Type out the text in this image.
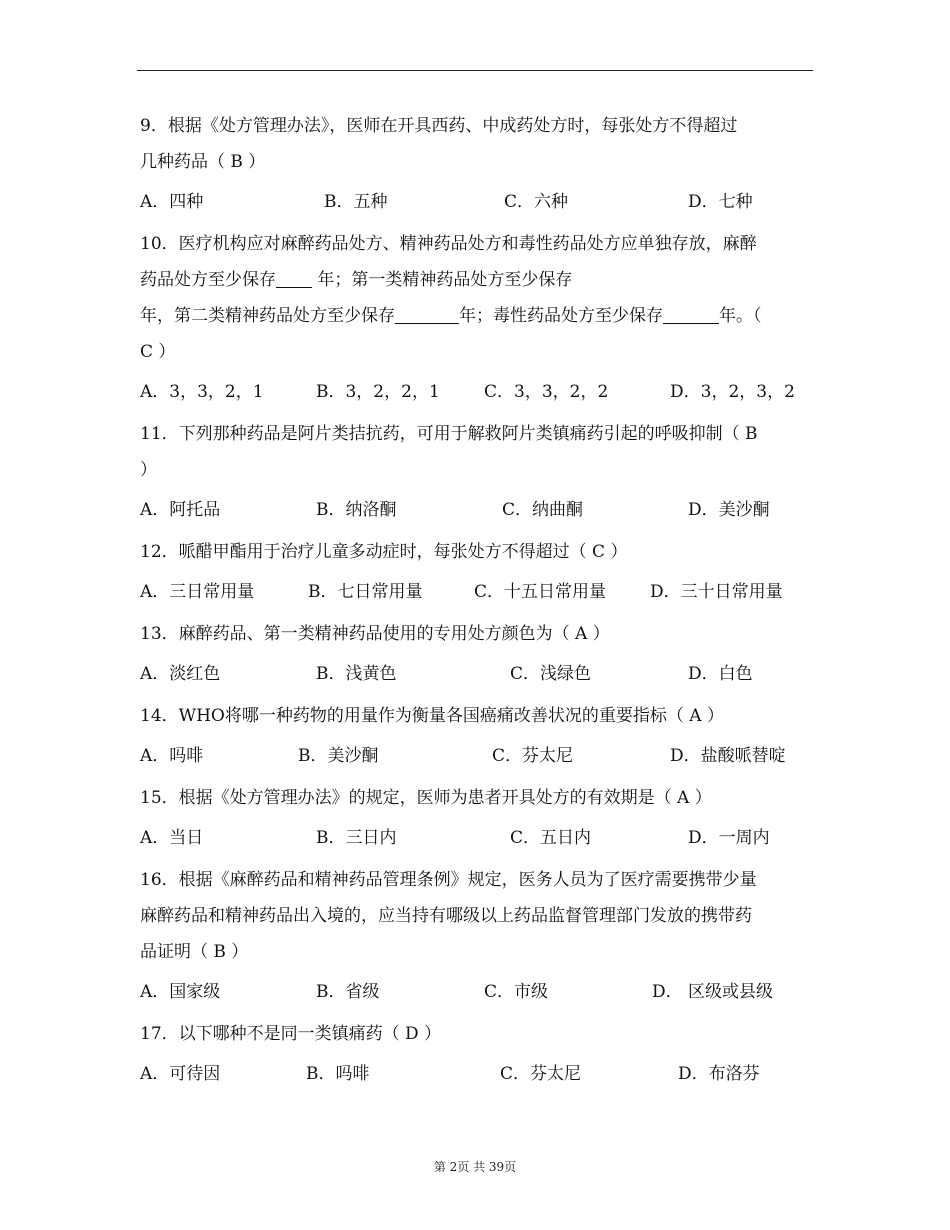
9．根据《处方管理办法》，医师在开具西药、中成药处方时，每张处方不得超过

几种药品（ B ）

A．四种	B．五种	C．六种	D．七种

10．医疗机构应对麻醉药品处方、精神药品处方和毒性药品处方应单独存放，麻醉

药品处方至少保存 年；第一类精神药品处方至少保存

年，第二类精神药品处方至少保存	年；毒性药品处方至少保存	年。（

C ）

A．3，3，2，1	B．3，2，2，1	C．3，3，2，2	D．3，2，3，2

11．下列那种药品是阿片类拮抗药，可用于解救阿片类镇痛药引起的呼吸抑制（ B

）

A．阿托品	B．纳洛酮	C．纳曲酮	D．美沙酮

12．哌醋甲酯用于治疗儿童多动症时，每张处方不得超过（ C ）

A．三日常用量	B．七日常用量	C．十五日常用量	D．三十日常用量

13．麻醉药品、第一类精神药品使用的专用处方颜色为（ A ）

A．淡红色	B．浅黄色	C．浅绿色	D．白色

14．WHO将哪一种药物的用量作为衡量各国癌痛改善状况的重要指标（ A ）

A．吗啡	B．美沙酮	C．芬太尼	D．盐酸哌替啶

15．根据《处方管理办法》的规定，医师为患者开具处方的有效期是（ A ）

A．当日	B．三日内	C．五日内	D．一周内

16．根据《麻醉药品和精神药品管理条例》规定，医务人员为了医疗需要携带少量

麻醉药品和精神药品出入境的，应当持有哪级以上药品监督管理部门发放的携带药

品证明（ B ）

A．国家级	B．省级	C．市级	D． 区级或县级

17．以下哪种不是同一类镇痛药（ D ）

A．可待因	B．吗啡	C．芬太尼	D．布洛芬
第 2页 共 39页
